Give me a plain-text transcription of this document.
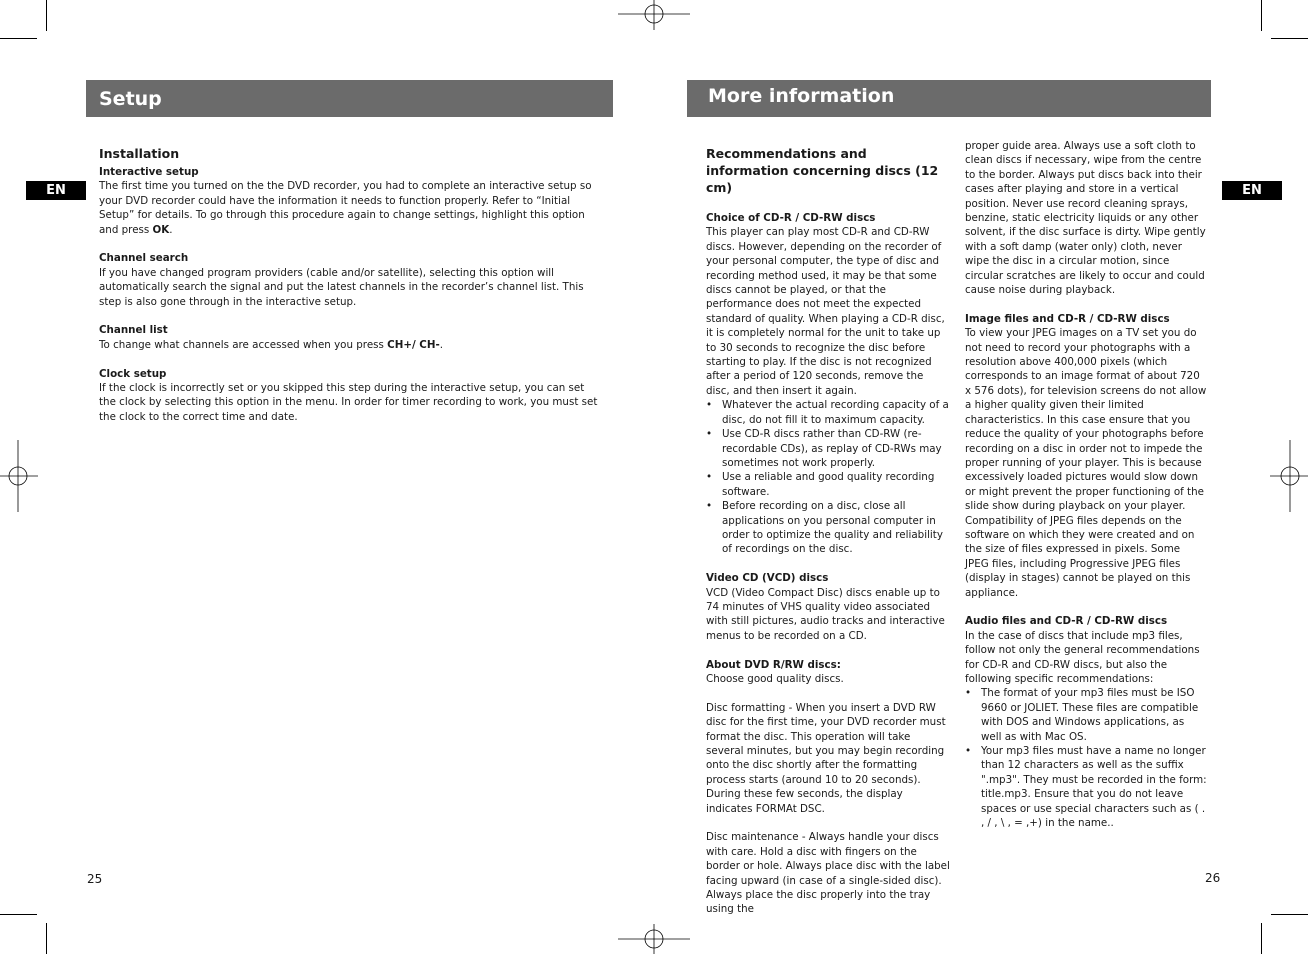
Setup
EN

Installation

Interactive setup

The first time you turned on the the DVD recorder, you had to complete an interactive setup so your DVD recorder could have the information it needs to function properly. Refer to “Initial Setup” for details. To go through this procedure again to change settings, highlight this option and press OK.

Channel search

If you have changed program providers (cable and/or satellite), selecting this option will automatically search the signal and put the latest channels in the recorder’s channel list. This step is also gone through in the interactive setup.

Channel list

To change what channels are accessed when you press CH+/ CH-.

Clock setup

If the clock is incorrectly set or you skipped this step during the interactive setup, you can set the clock by selecting this option in the menu. In order for timer recording to work, you must set the clock to the correct time and date.

25
More information
EN

Recommendations and information concerning discs (12 cm)

Choice of CD-R / CD-RW discs

This player can play most CD-R and CD-RW discs. However, depending on the recorder of your personal computer, the type of disc and recording method used, it may be that some discs cannot be played, or that the performance does not meet the expected standard of quality. When playing a CD-R disc, it is completely normal for the unit to take up to 30 seconds to recognize the disc before starting to play. If the disc is not recognized after a period of 120 seconds, remove the disc, and then insert it again.

• Whatever the actual recording capacity of a disc, do not fill it to maximum capacity.
• Use CD-R discs rather than CD-RW (re-recordable CDs), as replay of CD-RWs may sometimes not work properly.
• Use a reliable and good quality recording software.
• Before recording on a disc, close all applications on you personal computer in order to optimize the quality and reliability of recordings on the disc.

Video CD (VCD) discs

VCD (Video Compact Disc) discs enable up to 74 minutes of VHS quality video associated with still pictures, audio tracks and interactive menus to be recorded on a CD.

About DVD R/RW discs:

Choose good quality discs.

Disc formatting - When you insert a DVD RW disc for the first time, your DVD recorder must format the disc. This operation will take several minutes, but you may begin recording onto the disc shortly after the formatting process starts (around 10 to 20 seconds). During these few seconds, the display indicates FORMAt DSC.

Disc maintenance - Always handle your discs with care. Hold a disc with fingers on the border or hole. Always place disc with the label facing upward (in case of a single-sided disc). Always place the disc properly into the tray using the

proper guide area. Always use a soft cloth to clean discs if necessary, wipe from the centre to the border. Always put discs back into their cases after playing and store in a vertical position. Never use record cleaning sprays, benzine, static electricity liquids or any other solvent, if the disc surface is dirty. Wipe gently with a soft damp (water only) cloth, never wipe the disc in a circular motion, since circular scratches are likely to occur and could cause noise during playback.

Image files and CD-R / CD-RW discs

To view your JPEG images on a TV set you do not need to record your photographs with a resolution above 400,000 pixels (which corresponds to an image format of about 720 x 576 dots), for television screens do not allow a higher quality given their limited characteristics. In this case ensure that you reduce the quality of your photographs before recording on a disc in order not to impede the proper running of your player. This is because excessively loaded pictures would slow down or might prevent the proper functioning of the slide show during playback on your player. Compatibility of JPEG files depends on the software on which they were created and on the size of files expressed in pixels. Some JPEG files, including Progressive JPEG files (display in stages) cannot be played on this appliance.

Audio files and CD-R / CD-RW discs

In the case of discs that include mp3 files, follow not only the general recommendations for CD-R and CD-RW discs, but also the following specific recommendations:

• The format of your mp3 files must be ISO 9660 or JOLIET. These files are compatible with DOS and Windows applications, as well as with Mac OS.
• Your mp3 files must have a name no longer than 12 characters as well as the suffix ".mp3". They must be recorded in the form: title.mp3. Ensure that you do not leave spaces or use special characters such as ( . , / , \ , = ,+) in the name..
26
